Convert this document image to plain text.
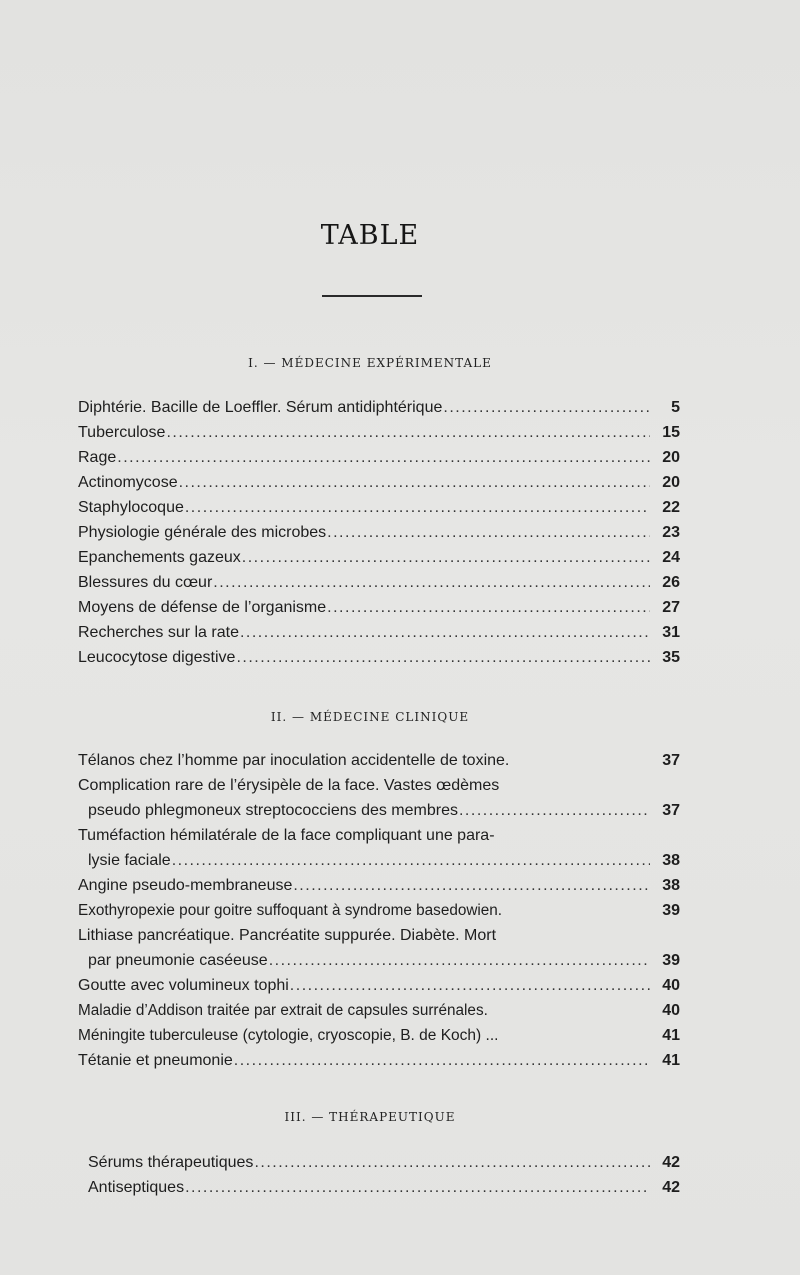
TABLE
I. — MÉDECINE EXPÉRIMENTALE
Diphtérie. Bacille de Loeffler. Sérum antidiphtérique .....	5
Tuberculose .....	15
Rage .....	20
Actinomycose .....	20
Staphylocoque .....	22
Physiologie générale des microbes .....	23
Epanchements gazeux .....	24
Blessures du cœur .....	26
Moyens de défense de l’organisme .....	27
Recherches sur la rate .....	31
Leucocytose digestive .....	35
II. — MÉDECINE CLINIQUE
Télanos chez l’homme par inoculation accidentelle de toxine.	37
Complication rare de l’érysipèle de la face. Vastes œdèmes
pseudo phlegmoneux streptococciens des membres .....	37
Tuméfaction hémilatérale de la face compliquant une para-
lysie faciale .....	38
Angine pseudo-membraneuse .....	38
Exothyropexie pour goitre suffoquant à syndrome basedowien.	39
Lithiase pancréatique. Pancréatite suppurée. Diabète. Mort
par pneumonie caséeuse .....	39
Goutte avec volumineux tophi .....	40
Maladie d’Addison traitée par extrait de capsules surrénales.	40
Méningite tuberculeuse (cytologie, cryoscopie, B. de Koch) ...	41
Tétanie et pneumonie .....	41
III. — THÉRAPEUTIQUE
Sérums thérapeutiques .....	42
Antiseptiques .....	42
